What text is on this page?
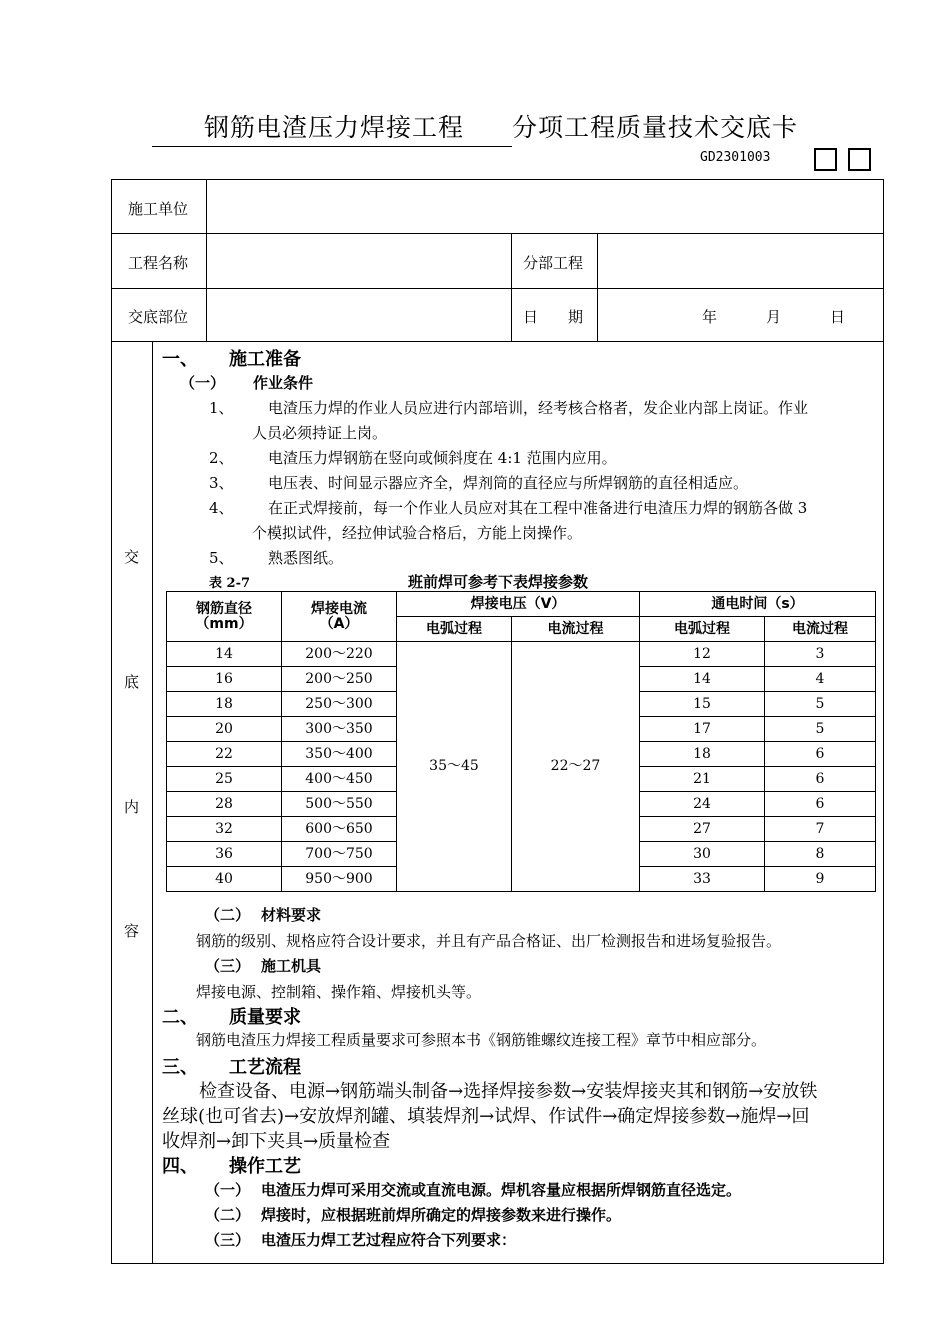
钢筋电渣压力焊接工程 分项工程质量技术交底卡
GD2301003
施工单位
工程名称	分部工程
交底部位	日　　期	年	月	日
交
底
内
容
一、 施工准备
（一） 作业条件
1、 电渣压力焊的作业人员应进行内部培训，经考核合格者，发企业内部上岗证。作业
人员必须持证上岗。
2、 电渣压力焊钢筋在竖向或倾斜度在 4:1 范围内应用。
3、 电压表、时间显示器应齐全，焊剂筒的直径应与所焊钢筋的直径相适应。
4、 在正式焊接前，每一个作业人员应对其在工程中准备进行电渣压力焊的钢筋各做 3
个模拟试件，经拉伸试验合格后，方能上岗操作。
5、 熟悉图纸。
表 2-7	班前焊可参考下表焊接参数
钢筋直径
（mm）	焊接电流
（A）	焊接电压（V）		通电时间（s）	
		电弧过程	电流过程	电弧过程	电流过程
14	200～220	35～45	22～27	12	3
16	200～250			14	4
18	250～300			15	5
20	300～350			17	5
22	350～400			18	6
25	400～450			21	6
28	500～550			24	6
32	600～650			27	7
36	700～750			30	8
40	950～900			33	9
（二） 材料要求
钢筋的级别、规格应符合设计要求，并且有产品合格证、出厂检测报告和进场复验报告。
（三） 施工机具
焊接电源、控制箱、操作箱、焊接机头等。
二、 质量要求
钢筋电渣压力焊接工程质量要求可参照本书《钢筋锥螺纹连接工程》章节中相应部分。
三、 工艺流程
检查设备、电源→钢筋端头制备→选择焊接参数→安装焊接夹其和钢筋→安放铁
丝球(也可省去)→安放焊剂罐、填装焊剂→试焊、作试件→确定焊接参数→施焊→回
收焊剂→卸下夹具→质量检查
四、 操作工艺
（一） 电渣压力焊可采用交流或直流电源。焊机容量应根据所焊钢筋直径选定。
（二） 焊接时，应根据班前焊所确定的焊接参数来进行操作。
（三） 电渣压力焊工艺过程应符合下列要求：
